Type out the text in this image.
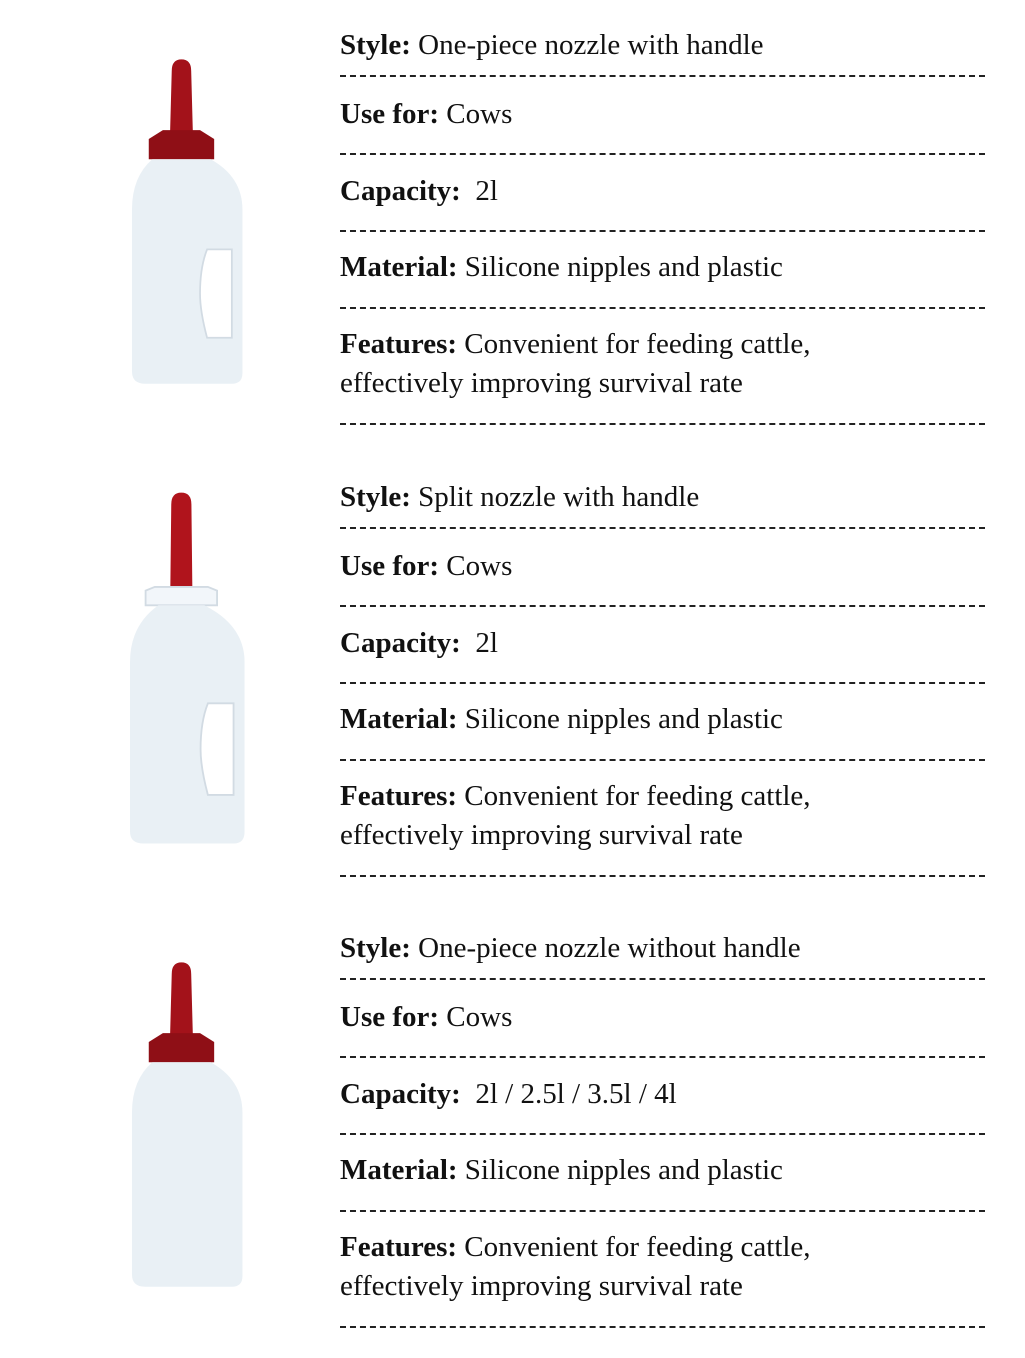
Style: One-piece nozzle with handle
Use for: Cows
Capacity: 2l
Material: Silicone nipples and plastic
Features: Convenient for feeding cattle,
effectively improving survival rate
Style: Split nozzle with handle
Use for: Cows
Capacity: 2l
Material: Silicone nipples and plastic
Features: Convenient for feeding cattle,
effectively improving survival rate
Style: One-piece nozzle without handle
Use for: Cows
Capacity: 2l / 2.5l / 3.5l / 4l
Material: Silicone nipples and plastic
Features: Convenient for feeding cattle,
effectively improving survival rate
